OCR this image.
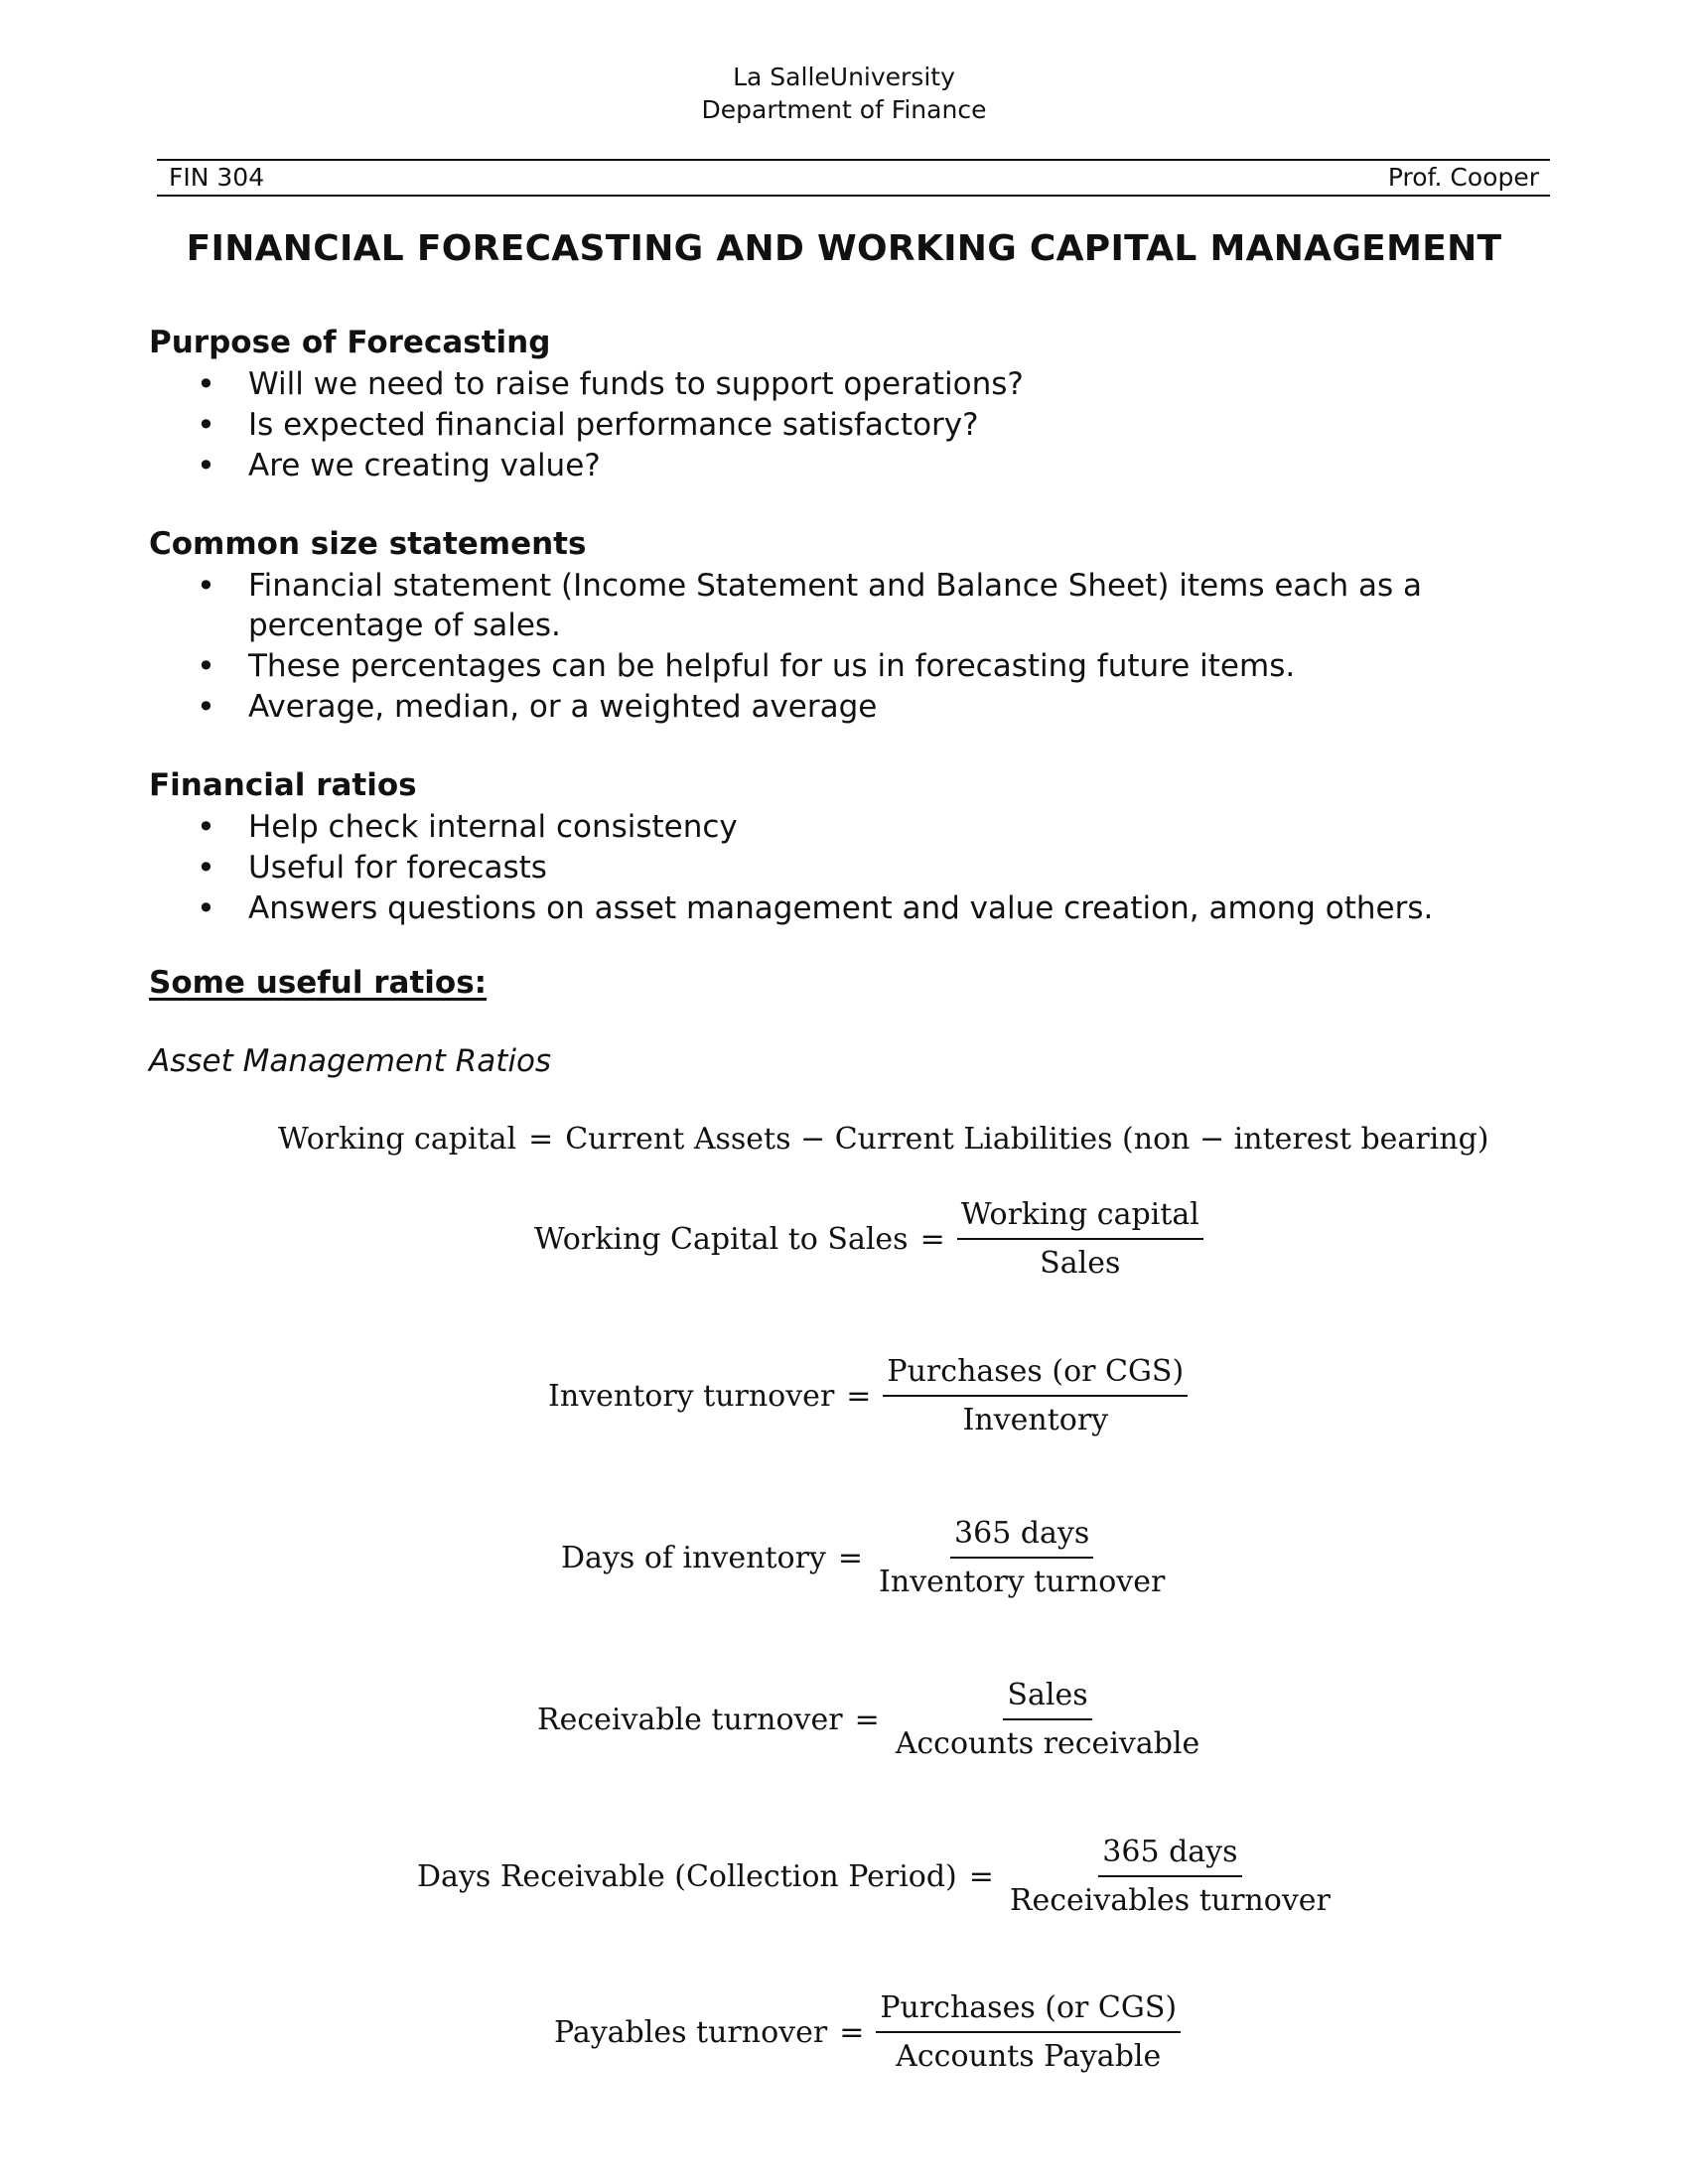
La SalleUniversity
Department of Finance
FIN 304	Prof. Cooper
FINANCIAL FORECASTING AND WORKING CAPITAL MANAGEMENT
Purpose of Forecasting
• Will we need to raise funds to support operations?
• Is expected financial performance satisfactory?
• Are we creating value?
Common size statements
• Financial statement (Income Statement and Balance Sheet) items each as a percentage of sales.
• These percentages can be helpful for us in forecasting future items.
• Average, median, or a weighted average
Financial ratios
• Help check internal consistency
• Useful for forecasts
• Answers questions on asset management and value creation, among others.
Some useful ratios:
Asset Management Ratios
Working capital = Current Assets − Current Liabilities (non − interest bearing)
Working Capital to Sales = $\frac{\text{Working capital}}{\text{Sales}}$
Inventory turnover = $\frac{\text{Purchases (or CGS)}}{\text{Inventory}}$
Days of inventory = $\frac{\text{365 days}}{\text{Inventory turnover}}$
Receivable turnover = $\frac{\text{Sales}}{\text{Accounts receivable}}$
Days Receivable (Collection Period) = $\frac{\text{365 days}}{\text{Receivables turnover}}$
Payables turnover = $\frac{\text{Purchases (or CGS)}}{\text{Accounts Payable}}$
